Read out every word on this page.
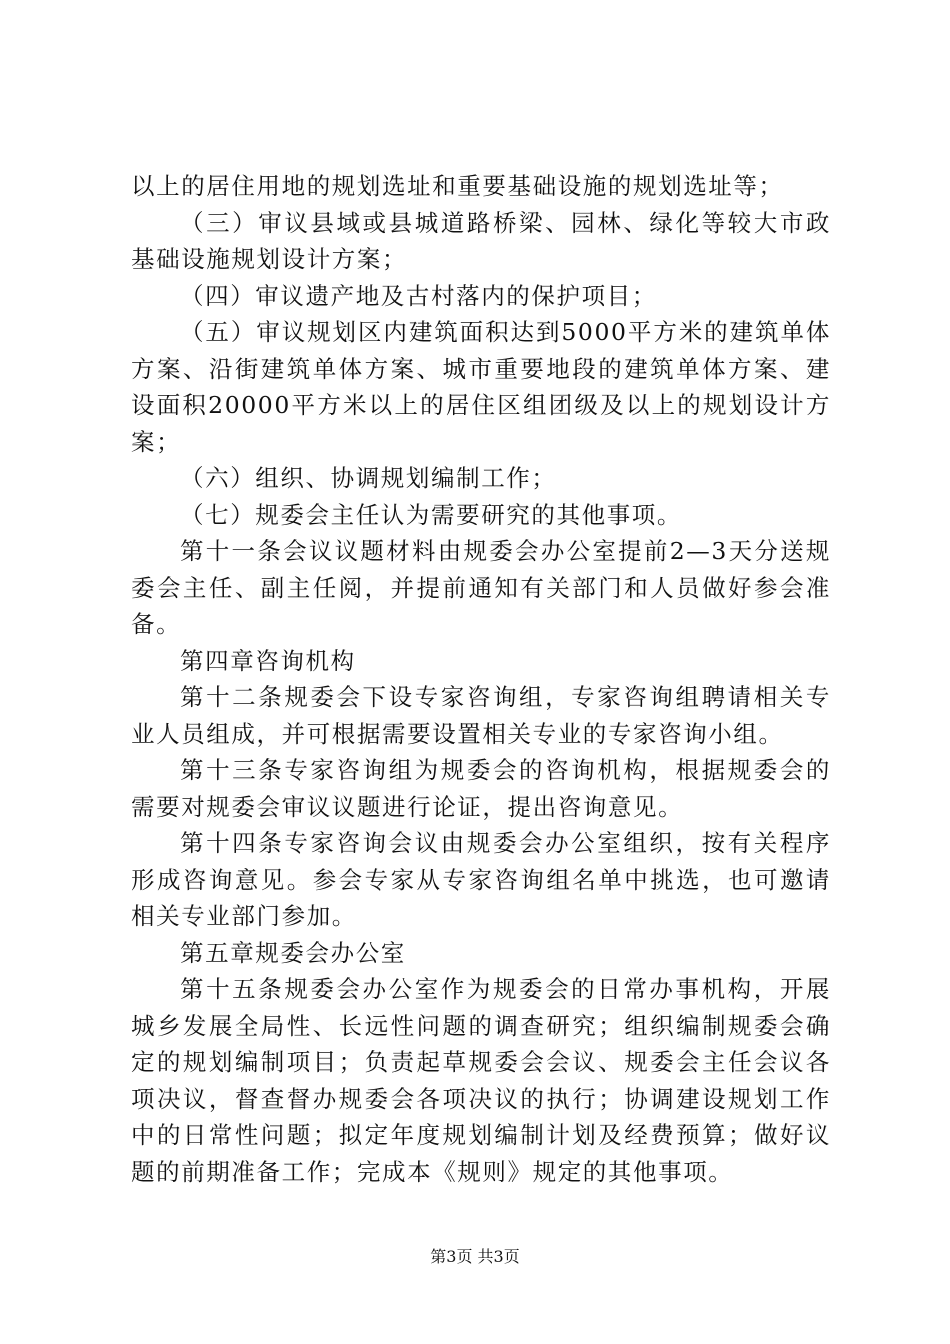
以上的居住用地的规划选址和重要基础设施的规划选址等；

（三）审议县域或县城道路桥梁、园林、绿化等较大市政基础设施规划设计方案；

（四）审议遗产地及古村落内的保护项目；

（五）审议规划区内建筑面积达到5000平方米的建筑单体方案、沿街建筑单体方案、城市重要地段的建筑单体方案、建设面积20000平方米以上的居住区组团级及以上的规划设计方案；

（六）组织、协调规划编制工作；

（七）规委会主任认为需要研究的其他事项。

第十一条会议议题材料由规委会办公室提前2—3天分送规委会主任、副主任阅，并提前通知有关部门和人员做好参会准备。

第四章咨询机构

第十二条规委会下设专家咨询组，专家咨询组聘请相关专业人员组成，并可根据需要设置相关专业的专家咨询小组。

第十三条专家咨询组为规委会的咨询机构，根据规委会的需要对规委会审议议题进行论证，提出咨询意见。

第十四条专家咨询会议由规委会办公室组织，按有关程序形成咨询意见。参会专家从专家咨询组名单中挑选，也可邀请相关专业部门参加。

第五章规委会办公室

第十五条规委会办公室作为规委会的日常办事机构，开展城乡发展全局性、长远性问题的调查研究；组织编制规委会确定的规划编制项目；负责起草规委会会议、规委会主任会议各项决议，督查督办规委会各项决议的执行；协调建设规划工作中的日常性问题；拟定年度规划编制计划及经费预算；做好议题的前期准备工作；完成本《规则》规定的其他事项。

第3页 共3页
